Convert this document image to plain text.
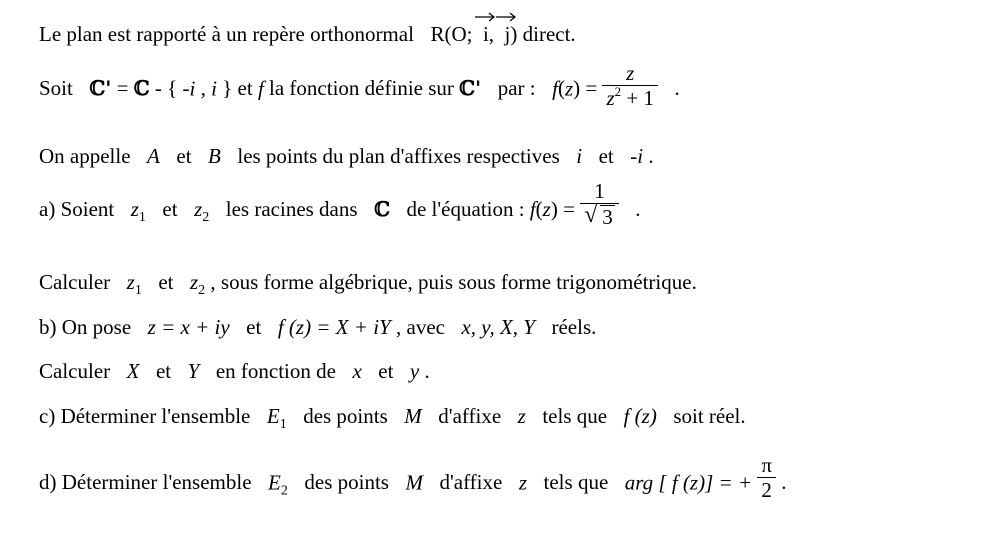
Le plan est rapporté à un repère orthonormal R(O; i, j) direct.
Soit ℂ' = ℂ - { -i , i } et f la fonction définie sur ℂ' par : $f(z) = \frac{z}{z^2 + 1}$ .
On appelle A et B les points du plan d'affixes respectives i et -i .
a) Soient $z_1$ et $z_2$ les racines dans ℂ de l'équation : $f(z) = \frac{1}{√ 3}$ .
Calculer $z_1$ et $z_2$ , sous forme algébrique, puis sous forme trigonométrique.
b) On pose z = x + iy et f (z) = X + iY , avec x, y, X, Y réels.
Calculer X et Y en fonction de x et y .
c) Déterminer l'ensemble $E_1$ des points M d'affixe z tels que f (z) soit réel.
d) Déterminer l'ensemble $E_2$ des points M d'affixe z tels que arg [ f (z)] = + $\frac{\pi}{2}$ .
